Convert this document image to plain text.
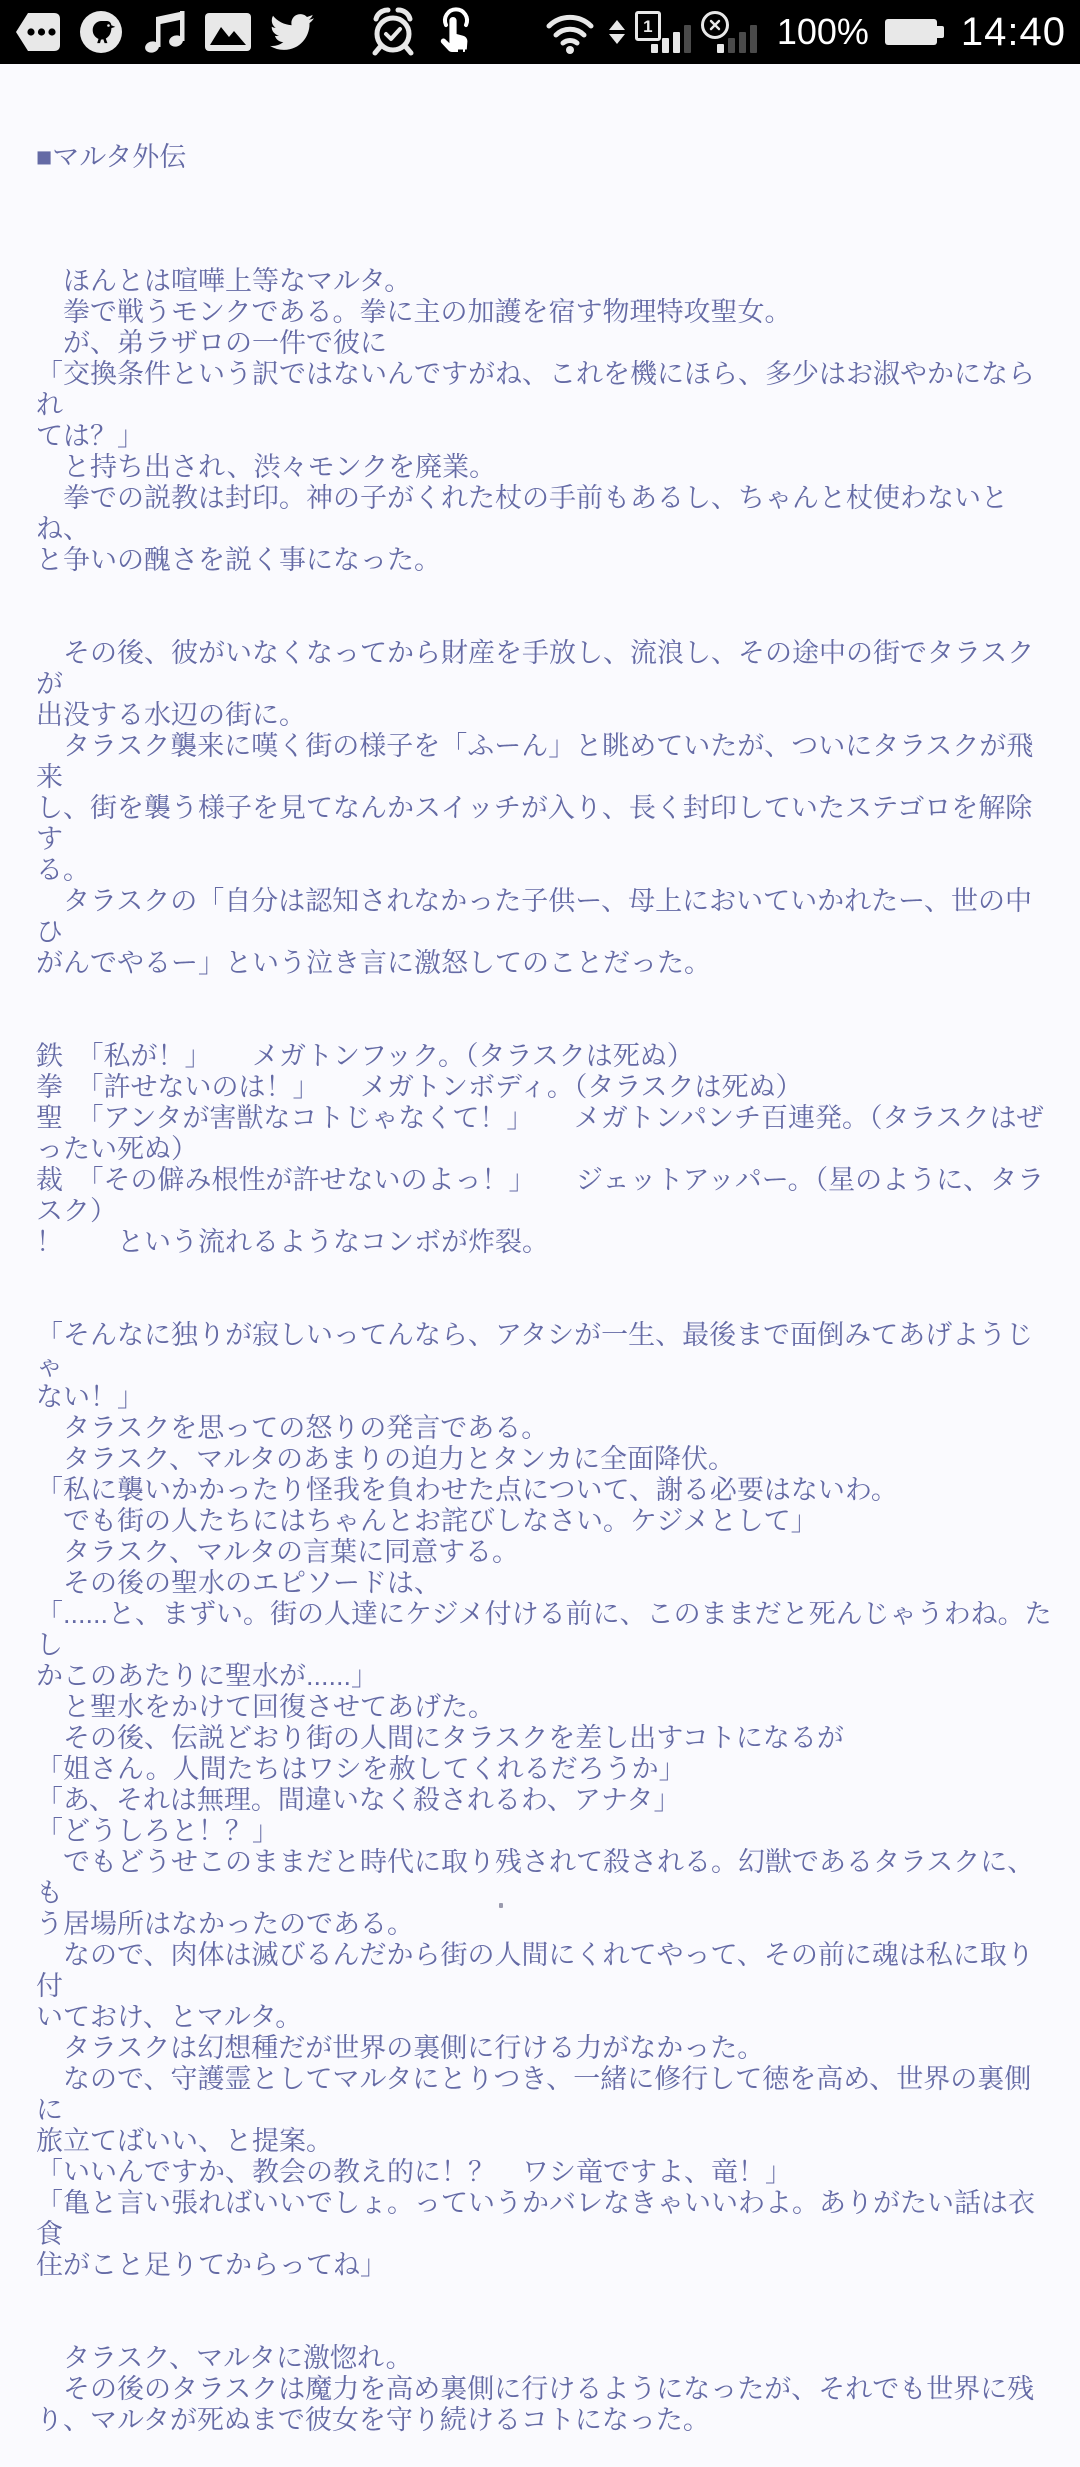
1	100% 14:40

■マルタ外伝

　ほんとは喧嘩上等なマルタ。
　拳で戦うモンクである。拳に主の加護を宿す物理特攻聖女。
　が、弟ラザロの一件で彼に
「交換条件という訳ではないんですがね、これを機にほら、多少はお淑やかになられ
ては？」
　と持ち出され、渋々モンクを廃業。
　拳での説教は封印。神の子がくれた杖の手前もあるし、ちゃんと杖使わないとね、
と争いの醜さを説く事になった。
　その後、彼がいなくなってから財産を手放し、流浪し、その途中の街でタラスクが
出没する水辺の街に。
　タラスク襲来に嘆く街の様子を「ふーん」と眺めていたが、ついにタラスクが飛来
し、街を襲う様子を見てなんかスイッチが入り、長く封印していたステゴロを解除す
る。
　タラスクの「自分は認知されなかった子供ー、母上においていかれたー、世の中ひ
がんでやるー」という泣き言に激怒してのことだった。
鉄　「私が！」　　メガトンフック。（タラスクは死ぬ）
拳　「許せないのは！」　　メガトンボディ。（タラスクは死ぬ）
聖　「アンタが害獣なコトじゃなくて！」　　メガトンパンチ百連発。（タラスクはぜ
ったい死ぬ）
裁　「その僻み根性が許せないのよっ！」　　ジェットアッパー。（星のように、タラ
スク）
！　　という流れるようなコンボが炸裂。
「そんなに独りが寂しいってんなら、アタシが一生、最後まで面倒みてあげようじゃ
ない！」
　タラスクを思っての怒りの発言である。
　タラスク、マルタのあまりの迫力とタンカに全面降伏。
「私に襲いかかったり怪我を負わせた点について、謝る必要はないわ。
　でも街の人たちにはちゃんとお詫びしなさい。ケジメとして」
　タラスク、マルタの言葉に同意する。
　その後の聖水のエピソードは、
「......と、まずい。街の人達にケジメ付ける前に、このままだと死んじゃうわね。たし
かこのあたりに聖水が......」
　と聖水をかけて回復させてあげた。
　その後、伝説どおり街の人間にタラスクを差し出すコトになるが
「姐さん。人間たちはワシを赦してくれるだろうか」
「あ、それは無理。間違いなく殺されるわ、アナタ」
「どうしろと！？」
　でもどうせこのままだと時代に取り残されて殺される。幻獣であるタラスクに、も
う居場所はなかったのである。
　なので、肉体は滅びるんだから街の人間にくれてやって、その前に魂は私に取り付
いておけ、とマルタ。
　タラスクは幻想種だが世界の裏側に行ける力がなかった。
　なので、守護霊としてマルタにとりつき、一緒に修行して徳を高め、世界の裏側に
旅立てばいい、と提案。
「いいんですか、教会の教え的に！？　ワシ竜ですよ、竜！」
「亀と言い張ればいいでしょ。っていうかバレなきゃいいわよ。ありがたい話は衣食
住がこと足りてからってね」
　タラスク、マルタに激惚れ。
　その後のタラスクは魔力を高め裏側に行けるようになったが、それでも世界に残
り、マルタが死ぬまで彼女を守り続けるコトになった。
